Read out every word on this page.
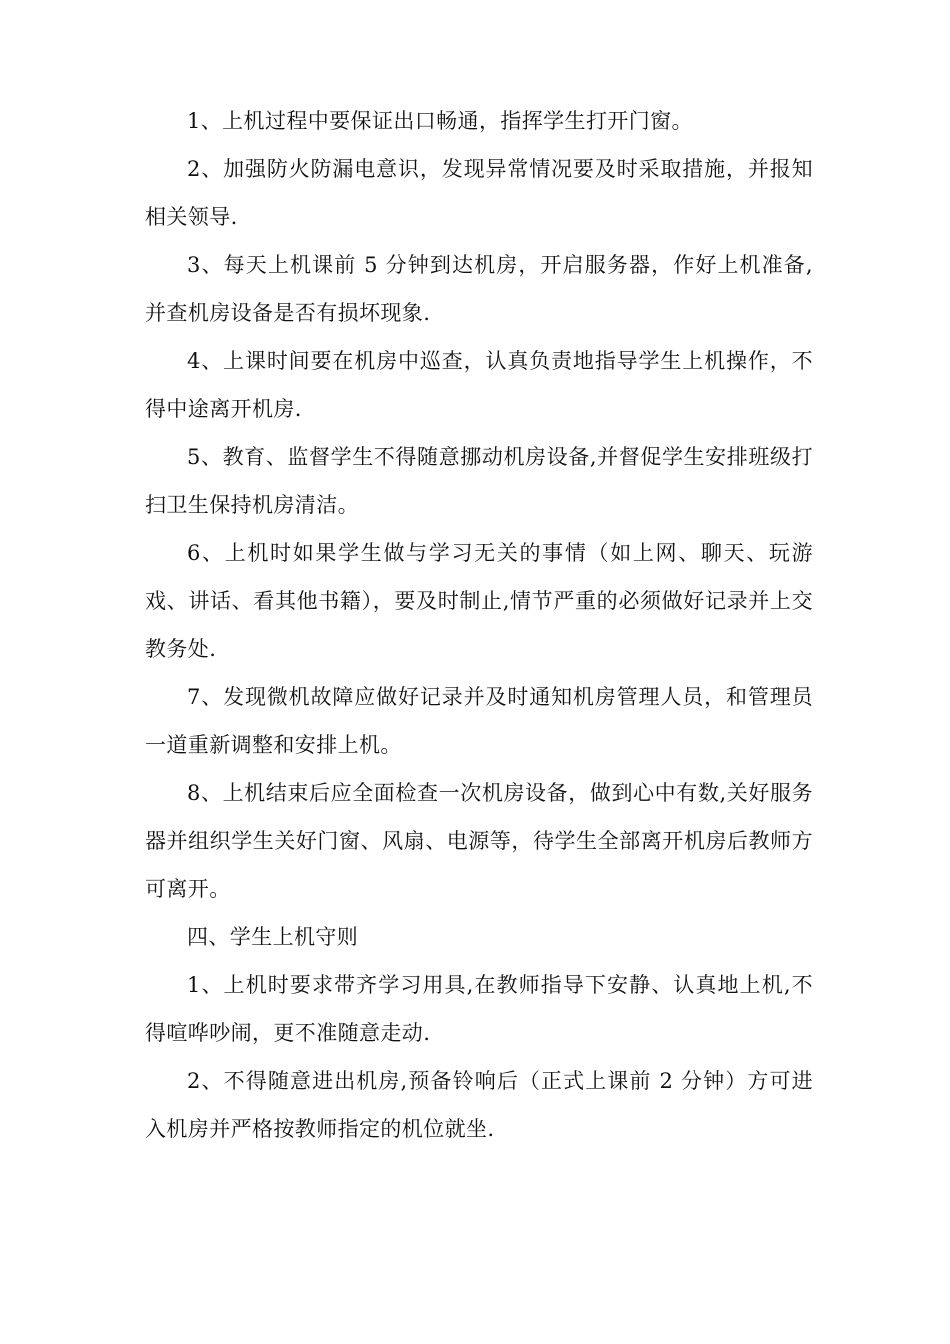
1、上机过程中要保证出口畅通，指挥学生打开门窗。

2、加强防火防漏电意识，发现异常情况要及时采取措施，并报知相关领导.

3、每天上机课前 5 分钟到达机房，开启服务器，作好上机准备,并查机房设备是否有损坏现象.

4、上课时间要在机房中巡查，认真负责地指导学生上机操作，不得中途离开机房.

5、教育、监督学生不得随意挪动机房设备,并督促学生安排班级打扫卫生保持机房清洁。

6、上机时如果学生做与学习无关的事情（如上网、聊天、玩游戏、讲话、看其他书籍），要及时制止,情节严重的必须做好记录并上交教务处.

7、发现微机故障应做好记录并及时通知机房管理人员，和管理员一道重新调整和安排上机。

8、上机结束后应全面检查一次机房设备，做到心中有数,关好服务器并组织学生关好门窗、风扇、电源等，待学生全部离开机房后教师方可离开。

四、学生上机守则

1、上机时要求带齐学习用具,在教师指导下安静、认真地上机,不得喧哗吵闹，更不准随意走动.

2、不得随意进出机房,预备铃响后（正式上课前 2 分钟）方可进入机房并严格按教师指定的机位就坐.
